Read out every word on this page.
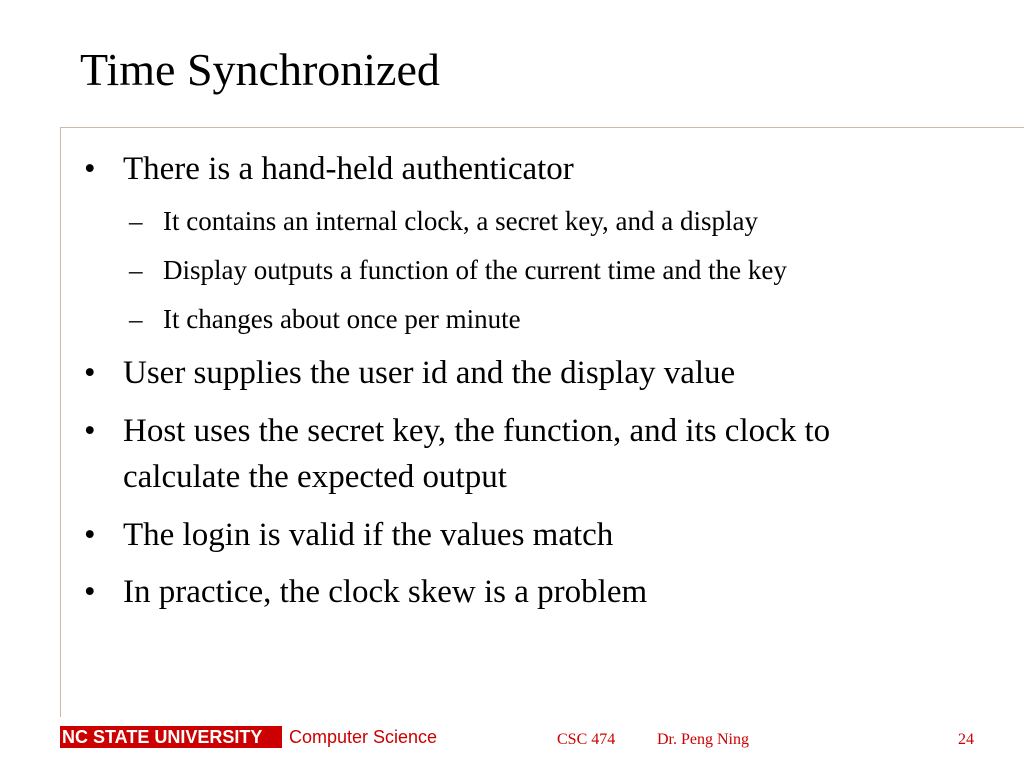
Time Synchronized
• There is a hand-held authenticator
– It contains an internal clock, a secret key, and a display
– Display outputs a function of the current time and the key
– It changes about once per minute
• User supplies the user id and the display value
• Host uses the secret key, the function, and its clock to
calculate the expected output
• The login is valid if the values match
• In practice, the clock skew is a problem
NC STATE UNIVERSITY	Computer Science	CSC 474	Dr. Peng Ning	24
